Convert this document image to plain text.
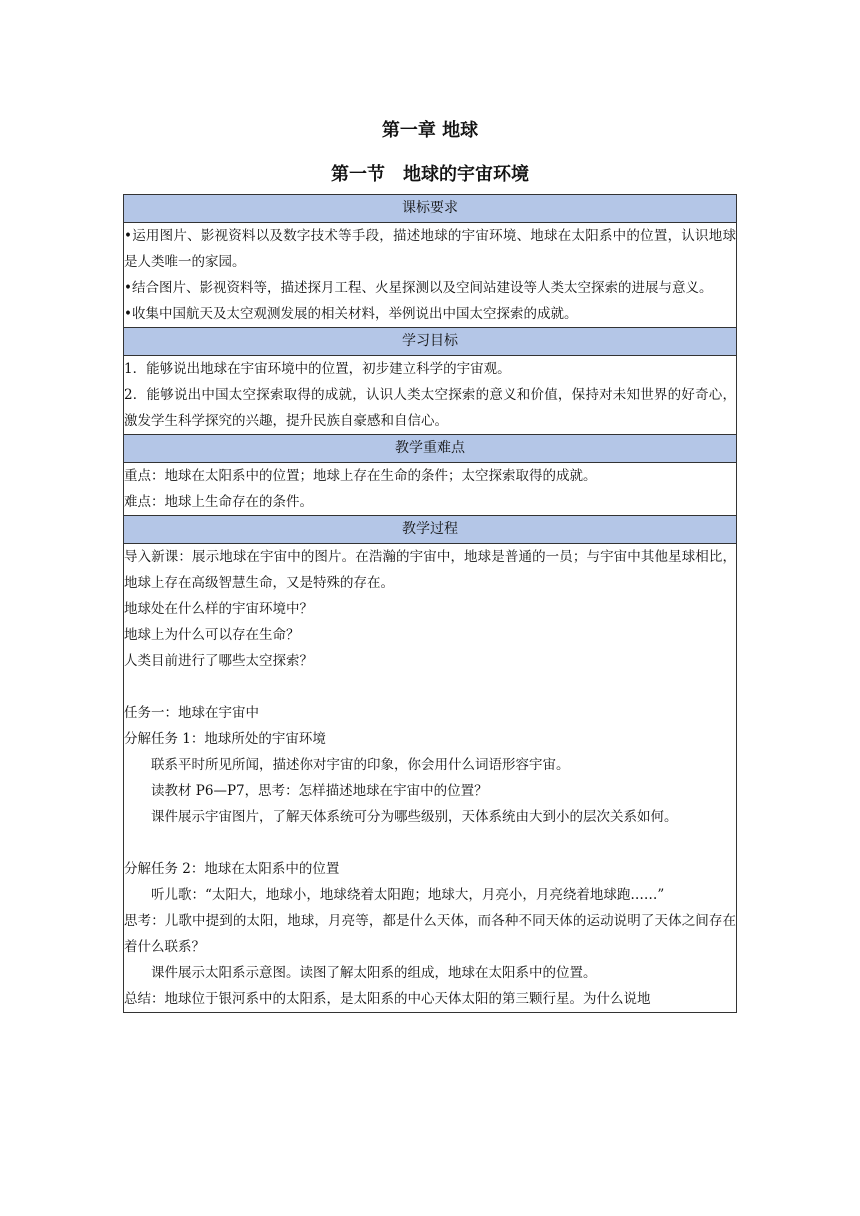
第一章 地球
第一节　地球的宇宙环境
课标要求

•运用图片、影视资料以及数字技术等手段，描述地球的宇宙环境、地球在太阳系中的位置，认识地球是人类唯一的家园。
•结合图片、影视资料等，描述探月工程、火星探测以及空间站建设等人类太空探索的进展与意义。
•收集中国航天及太空观测发展的相关材料，举例说出中国太空探索的成就。

学习目标

1．能够说出地球在宇宙环境中的位置，初步建立科学的宇宙观。
2．能够说出中国太空探索取得的成就，认识人类太空探索的意义和价值，保持对未知世界的好奇心，激发学生科学探究的兴趣，提升民族自豪感和自信心。

教学重难点

重点：地球在太阳系中的位置；地球上存在生命的条件；太空探索取得的成就。
难点：地球上生命存在的条件。

教学过程

导入新课：展示地球在宇宙中的图片。在浩瀚的宇宙中，地球是普通的一员；与宇宙中其他星球相比，地球上存在高级智慧生命，又是特殊的存在。
地球处在什么样的宇宙环境中？
地球上为什么可以存在生命？
人类目前进行了哪些太空探索？
任务一：地球在宇宙中
分解任务 1：地球所处的宇宙环境
联系平时所见所闻，描述你对宇宙的印象，你会用什么词语形容宇宙。
读教材 P6—P7，思考：怎样描述地球在宇宙中的位置？
课件展示宇宙图片，了解天体系统可分为哪些级别，天体系统由大到小的层次关系如何。
分解任务 2：地球在太阳系中的位置
听儿歌：“太阳大，地球小，地球绕着太阳跑；地球大，月亮小，月亮绕着地球跑……”
思考：儿歌中提到的太阳，地球，月亮等，都是什么天体，而各种不同天体的运动说明了天体之间存在着什么联系？
课件展示太阳系示意图。读图了解太阳系的组成，地球在太阳系中的位置。
总结：地球位于银河系中的太阳系，是太阳系的中心天体太阳的第三颗行星。为什么说地
